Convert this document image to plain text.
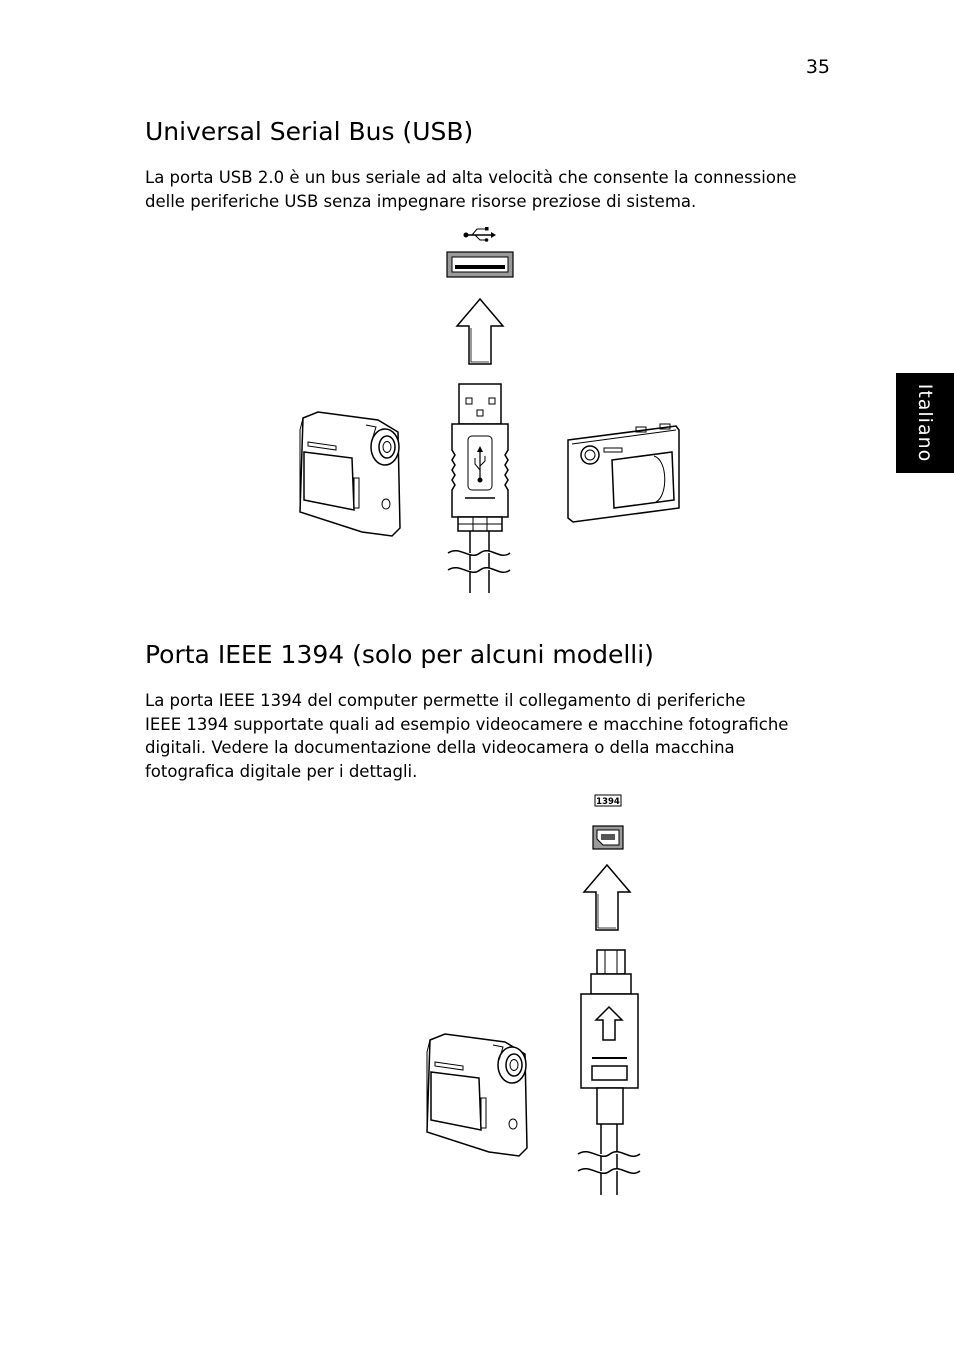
35
Italiano
Universal Serial Bus (USB)

La porta USB 2.0 è un bus seriale ad alta velocità che consente la connessione
delle periferiche USB senza impegnare risorse preziose di sistema.

Porta IEEE 1394 (solo per alcuni modelli)

La porta IEEE 1394 del computer permette il collegamento di periferiche
IEEE 1394 supportate quali ad esempio videocamere e macchine fotografiche
digitali. Vedere la documentazione della videocamera o della macchina
fotografica digitale per i dettagli.

1394
